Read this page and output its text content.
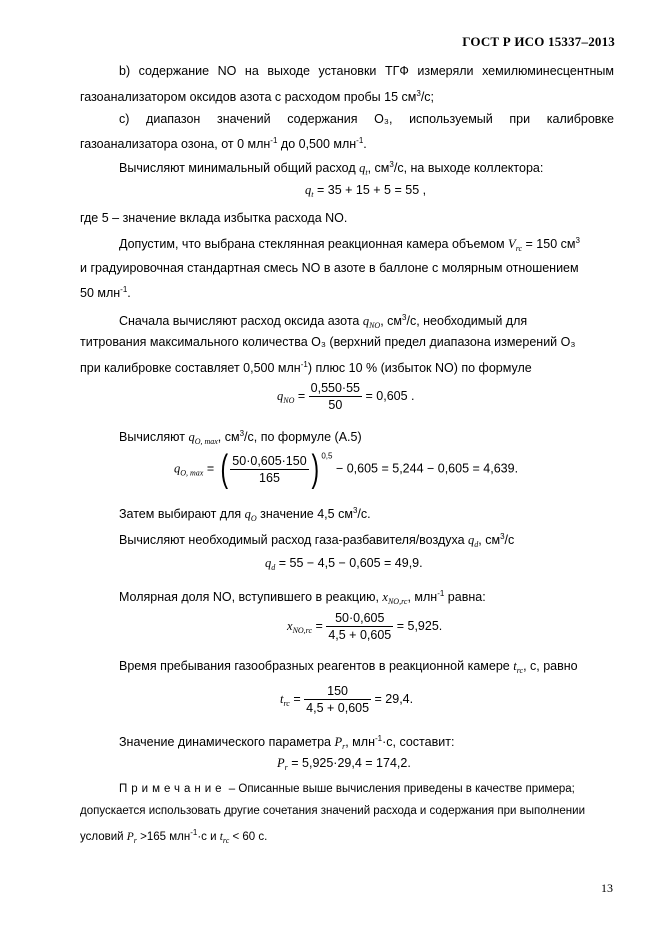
ГОСТ Р ИСО 15337–2013
b) содержание NO на выходе установки ТГФ измеряли хемилюминесцентным
газоанализатором оксидов азота с расходом пробы 15 $см^3/с$;
c) диапазон значений содержания O₃, используемый при калибровке
газоанализатора озона, от 0 млн$^{-1}$ до 0,500 млн$^{-1}$.
Вычисляют минимальный общий расход $q_t$, $см^3/с$, на выходе коллектора:
$q_t = 35 + 15 + 5 = 55$ ,
где 5 – значение вклада избытка расхода NO.
Допустим, что выбрана стеклянная реакционная камера объемом $V_{rc} = 150$ $см^3$
и градуировочная стандартная смесь NO в азоте в баллоне с молярным отношением
50 млн$^{-1}$.
Сначала вычисляют расход оксида азота $q_{NO}$, $см^3/с$, необходимый для
титрования максимального количества O₃ (верхний предел диапазона измерений O₃
при калибровке составляет 0,500 млн$^{-1}$) плюс 10 % (избыток NO) по формуле
$q_{NO} = \frac{0,550\cdot 55}{50} = 0,605$ .
Вычисляют $q_{O, max}$, $см^3/с$, по формуле (А.5)
$q_{O, max}$ = ( $\frac{50\cdot 0,605\cdot 150}{165}$ ) $^{0,5}$ − 0,605 = 5,244 − 0,605 = 4,639.
Затем выбирают для $q_O$ значение 4,5 $см^3/с$.
Вычисляют необходимый расход газа-разбавителя/воздуха $q_d$, $см^3/с$
$q_d = 55 - 4,5 - 0,605 = 49,9$.
Молярная доля NO, вступившего в реакцию, $x_{NO,rc}$, млн$^{-1}$ равна:
$x_{NO,rc} = \frac{50\cdot 0,605}{4,5 + 0,605} = 5,925$.
Время пребывания газообразных реагентов в реакционной камере $t_{rc}$, с, равно
$t_{rc} = \frac{150}{4,5 + 0,605} = 29,4$.
Значение динамического параметра $P_r$, млн$^{-1}$·с, составит:
$P_r = 5,925\cdot 29,4 = 174,2$.
Примечание – Описанные выше вычисления приведены в качестве примера;
допускается использовать другие сочетания значений расхода и содержания при выполнении
условий $P_r >165$ млн$^{-1}$·с и $t_{rc} < 60$ с.
13
